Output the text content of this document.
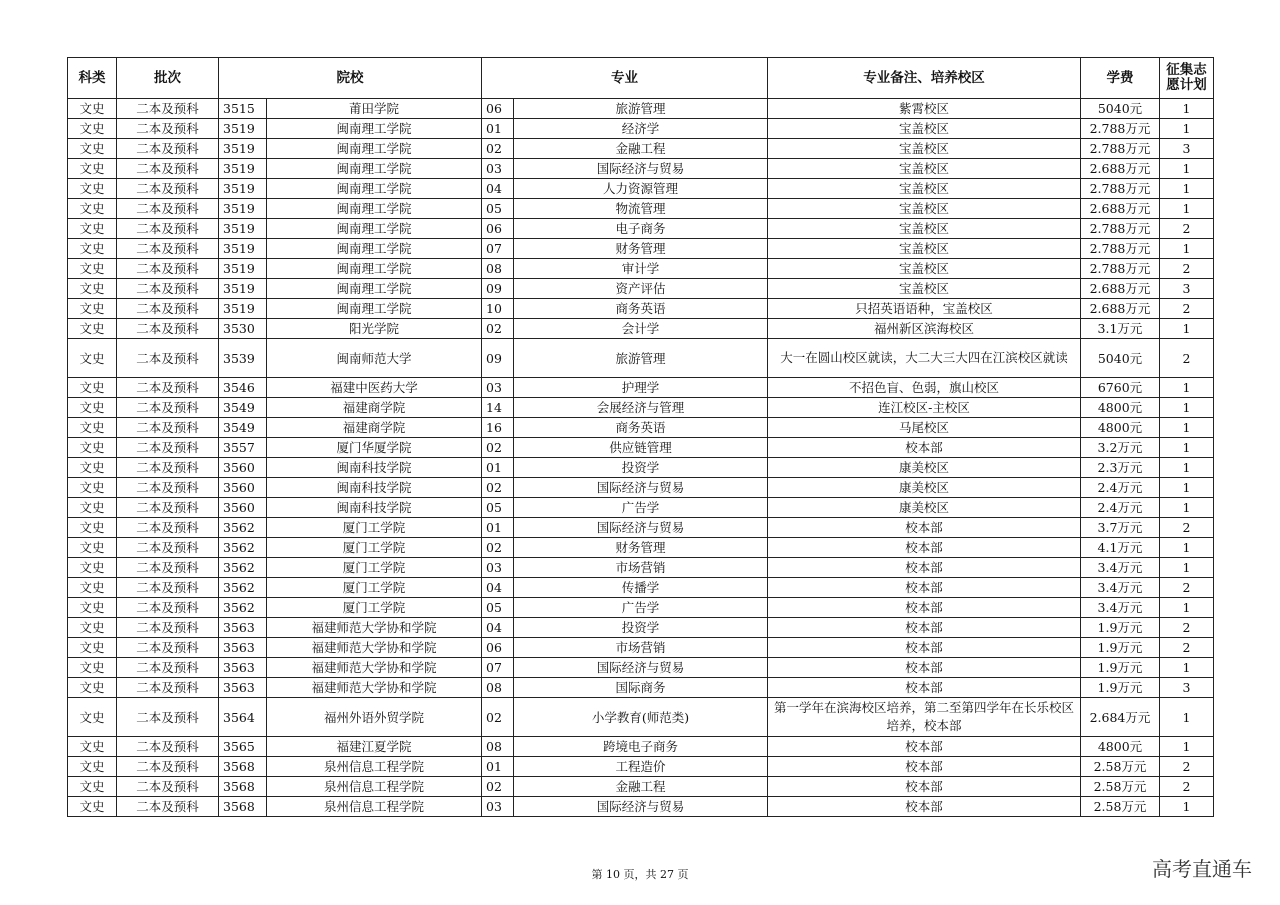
科类	批次	院校		专业		专业备注、培养校区	学费	征集志愿计划
文史	二本及预科	3515	莆田学院	06	旅游管理	紫霄校区	5040元	1
文史	二本及预科	3519	闽南理工学院	01	经济学	宝盖校区	2.788万元	1
文史	二本及预科	3519	闽南理工学院	02	金融工程	宝盖校区	2.788万元	3
文史	二本及预科	3519	闽南理工学院	03	国际经济与贸易	宝盖校区	2.688万元	1
文史	二本及预科	3519	闽南理工学院	04	人力资源管理	宝盖校区	2.788万元	1
文史	二本及预科	3519	闽南理工学院	05	物流管理	宝盖校区	2.688万元	1
文史	二本及预科	3519	闽南理工学院	06	电子商务	宝盖校区	2.788万元	2
文史	二本及预科	3519	闽南理工学院	07	财务管理	宝盖校区	2.788万元	1
文史	二本及预科	3519	闽南理工学院	08	审计学	宝盖校区	2.788万元	2
文史	二本及预科	3519	闽南理工学院	09	资产评估	宝盖校区	2.688万元	3
文史	二本及预科	3519	闽南理工学院	10	商务英语	只招英语语种，宝盖校区	2.688万元	2
文史	二本及预科	3530	阳光学院	02	会计学	福州新区滨海校区	3.1万元	1
文史	二本及预科	3539	闽南师范大学	09	旅游管理	大一在圆山校区就读，大二大三大四在江滨校区就读	5040元	2
文史	二本及预科	3546	福建中医药大学	03	护理学	不招色盲、色弱，旗山校区	6760元	1
文史	二本及预科	3549	福建商学院	14	会展经济与管理	连江校区-主校区	4800元	1
文史	二本及预科	3549	福建商学院	16	商务英语	马尾校区	4800元	1
文史	二本及预科	3557	厦门华厦学院	02	供应链管理	校本部	3.2万元	1
文史	二本及预科	3560	闽南科技学院	01	投资学	康美校区	2.3万元	1
文史	二本及预科	3560	闽南科技学院	02	国际经济与贸易	康美校区	2.4万元	1
文史	二本及预科	3560	闽南科技学院	05	广告学	康美校区	2.4万元	1
文史	二本及预科	3562	厦门工学院	01	国际经济与贸易	校本部	3.7万元	2
文史	二本及预科	3562	厦门工学院	02	财务管理	校本部	4.1万元	1
文史	二本及预科	3562	厦门工学院	03	市场营销	校本部	3.4万元	1
文史	二本及预科	3562	厦门工学院	04	传播学	校本部	3.4万元	2
文史	二本及预科	3562	厦门工学院	05	广告学	校本部	3.4万元	1
文史	二本及预科	3563	福建师范大学协和学院	04	投资学	校本部	1.9万元	2
文史	二本及预科	3563	福建师范大学协和学院	06	市场营销	校本部	1.9万元	2
文史	二本及预科	3563	福建师范大学协和学院	07	国际经济与贸易	校本部	1.9万元	1
文史	二本及预科	3563	福建师范大学协和学院	08	国际商务	校本部	1.9万元	3
文史	二本及预科	3564	福州外语外贸学院	02	小学教育(师范类)	第一学年在滨海校区培养，第二至第四学年在长乐校区培养，校本部	2.684万元	1
文史	二本及预科	3565	福建江夏学院	08	跨境电子商务	校本部	4800元	1
文史	二本及预科	3568	泉州信息工程学院	01	工程造价	校本部	2.58万元	2
文史	二本及预科	3568	泉州信息工程学院	02	金融工程	校本部	2.58万元	2
文史	二本及预科	3568	泉州信息工程学院	03	国际经济与贸易	校本部	2.58万元	1
第 10 页，共 27 页	高考直通车
